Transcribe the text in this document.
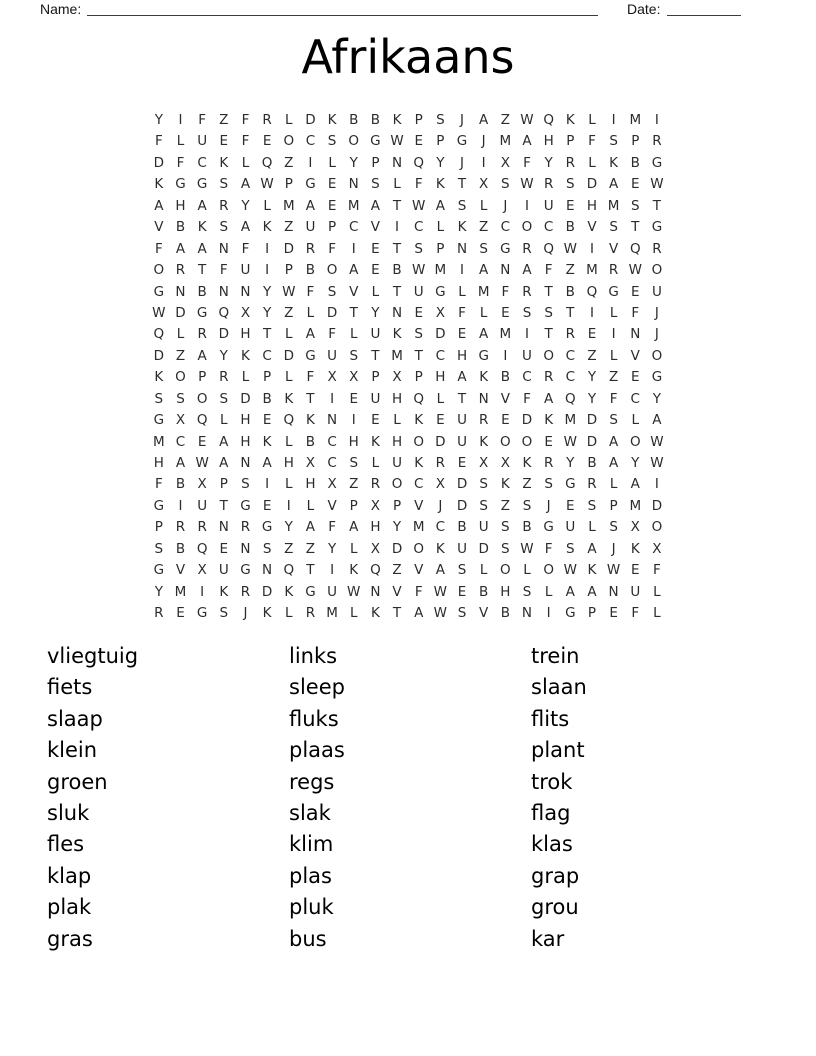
Name:	Date:
Afrikaans
Y	I	F Z F R L D K B B K P S	J	A Z W Q K L	I	M	I
F	L U E	F	E O C S O G W E P G	J	M A H P	F S P R
D F C K L Q Z	I	L	Y P N Q Y	J	I	X F	Y R L K B G
K G G S A W P G E N S	L	F K T X S W R S D A E W
A H A R Y	L M A E M A T W A S	L	J	I	U E H M S T
V B K S A K Z U P C V	I	C L K Z C O C B V S T G
F A A N F	I	D R F	I	E T S P N S G R Q W I	V Q R
O R T	F U	I	P B O A E B W M	I	A N A F Z M R W O
G N B N N Y W F S V L	T U G L M F R T B Q G E U
W D G Q X Y Z L D T Y N E X F	L	E S S T	I	L	F	J
Q L R D H T	L A F	L U K S D E A M	I	T R E	I	N	J
D Z A Y K C D G U S T M T C H G	I	U O C Z L V O
K O P R L	P	L	F X X P X P H A K B C R C Y Z E G
S S O S D B K T	I	E U H Q L	T N V F A Q Y	F C Y
G X Q L H E Q K N	I	E	L K E U R E D K M D S	L A
M C E A H K L B C H K H O D U K O O E W D A O W
H A W A N A H X C S	L U K R E X X K R Y B A Y W
F B X P S	I	L H X Z R O C X D S K Z S G R L A	I
G	I	U T G E	I	L V P X P V	J	D S Z S	J	E S P M D
P R R N R G Y A F A H Y M C B U S B G U L	S X O
S B Q E N S Z Z Y	L X D O K U D S W F S A	J	K X
G V X U G N Q T	I	K Q Z V A S	L O L O W K W E	F
Y M	I	K R D K G U W N V F W E B H S	L A A N U L
R E G S	J	K L R M L K T A W S V B N	I	G P E	F	L
vliegtuig
fiets
slaap
klein
groen
sluk
fles
klap
plak
gras
links
sleep
fluks
plaas
regs
slak
klim
plas
pluk
bus
trein
slaan
flits
plant
trok
flag
klas
grap
grou
kar
